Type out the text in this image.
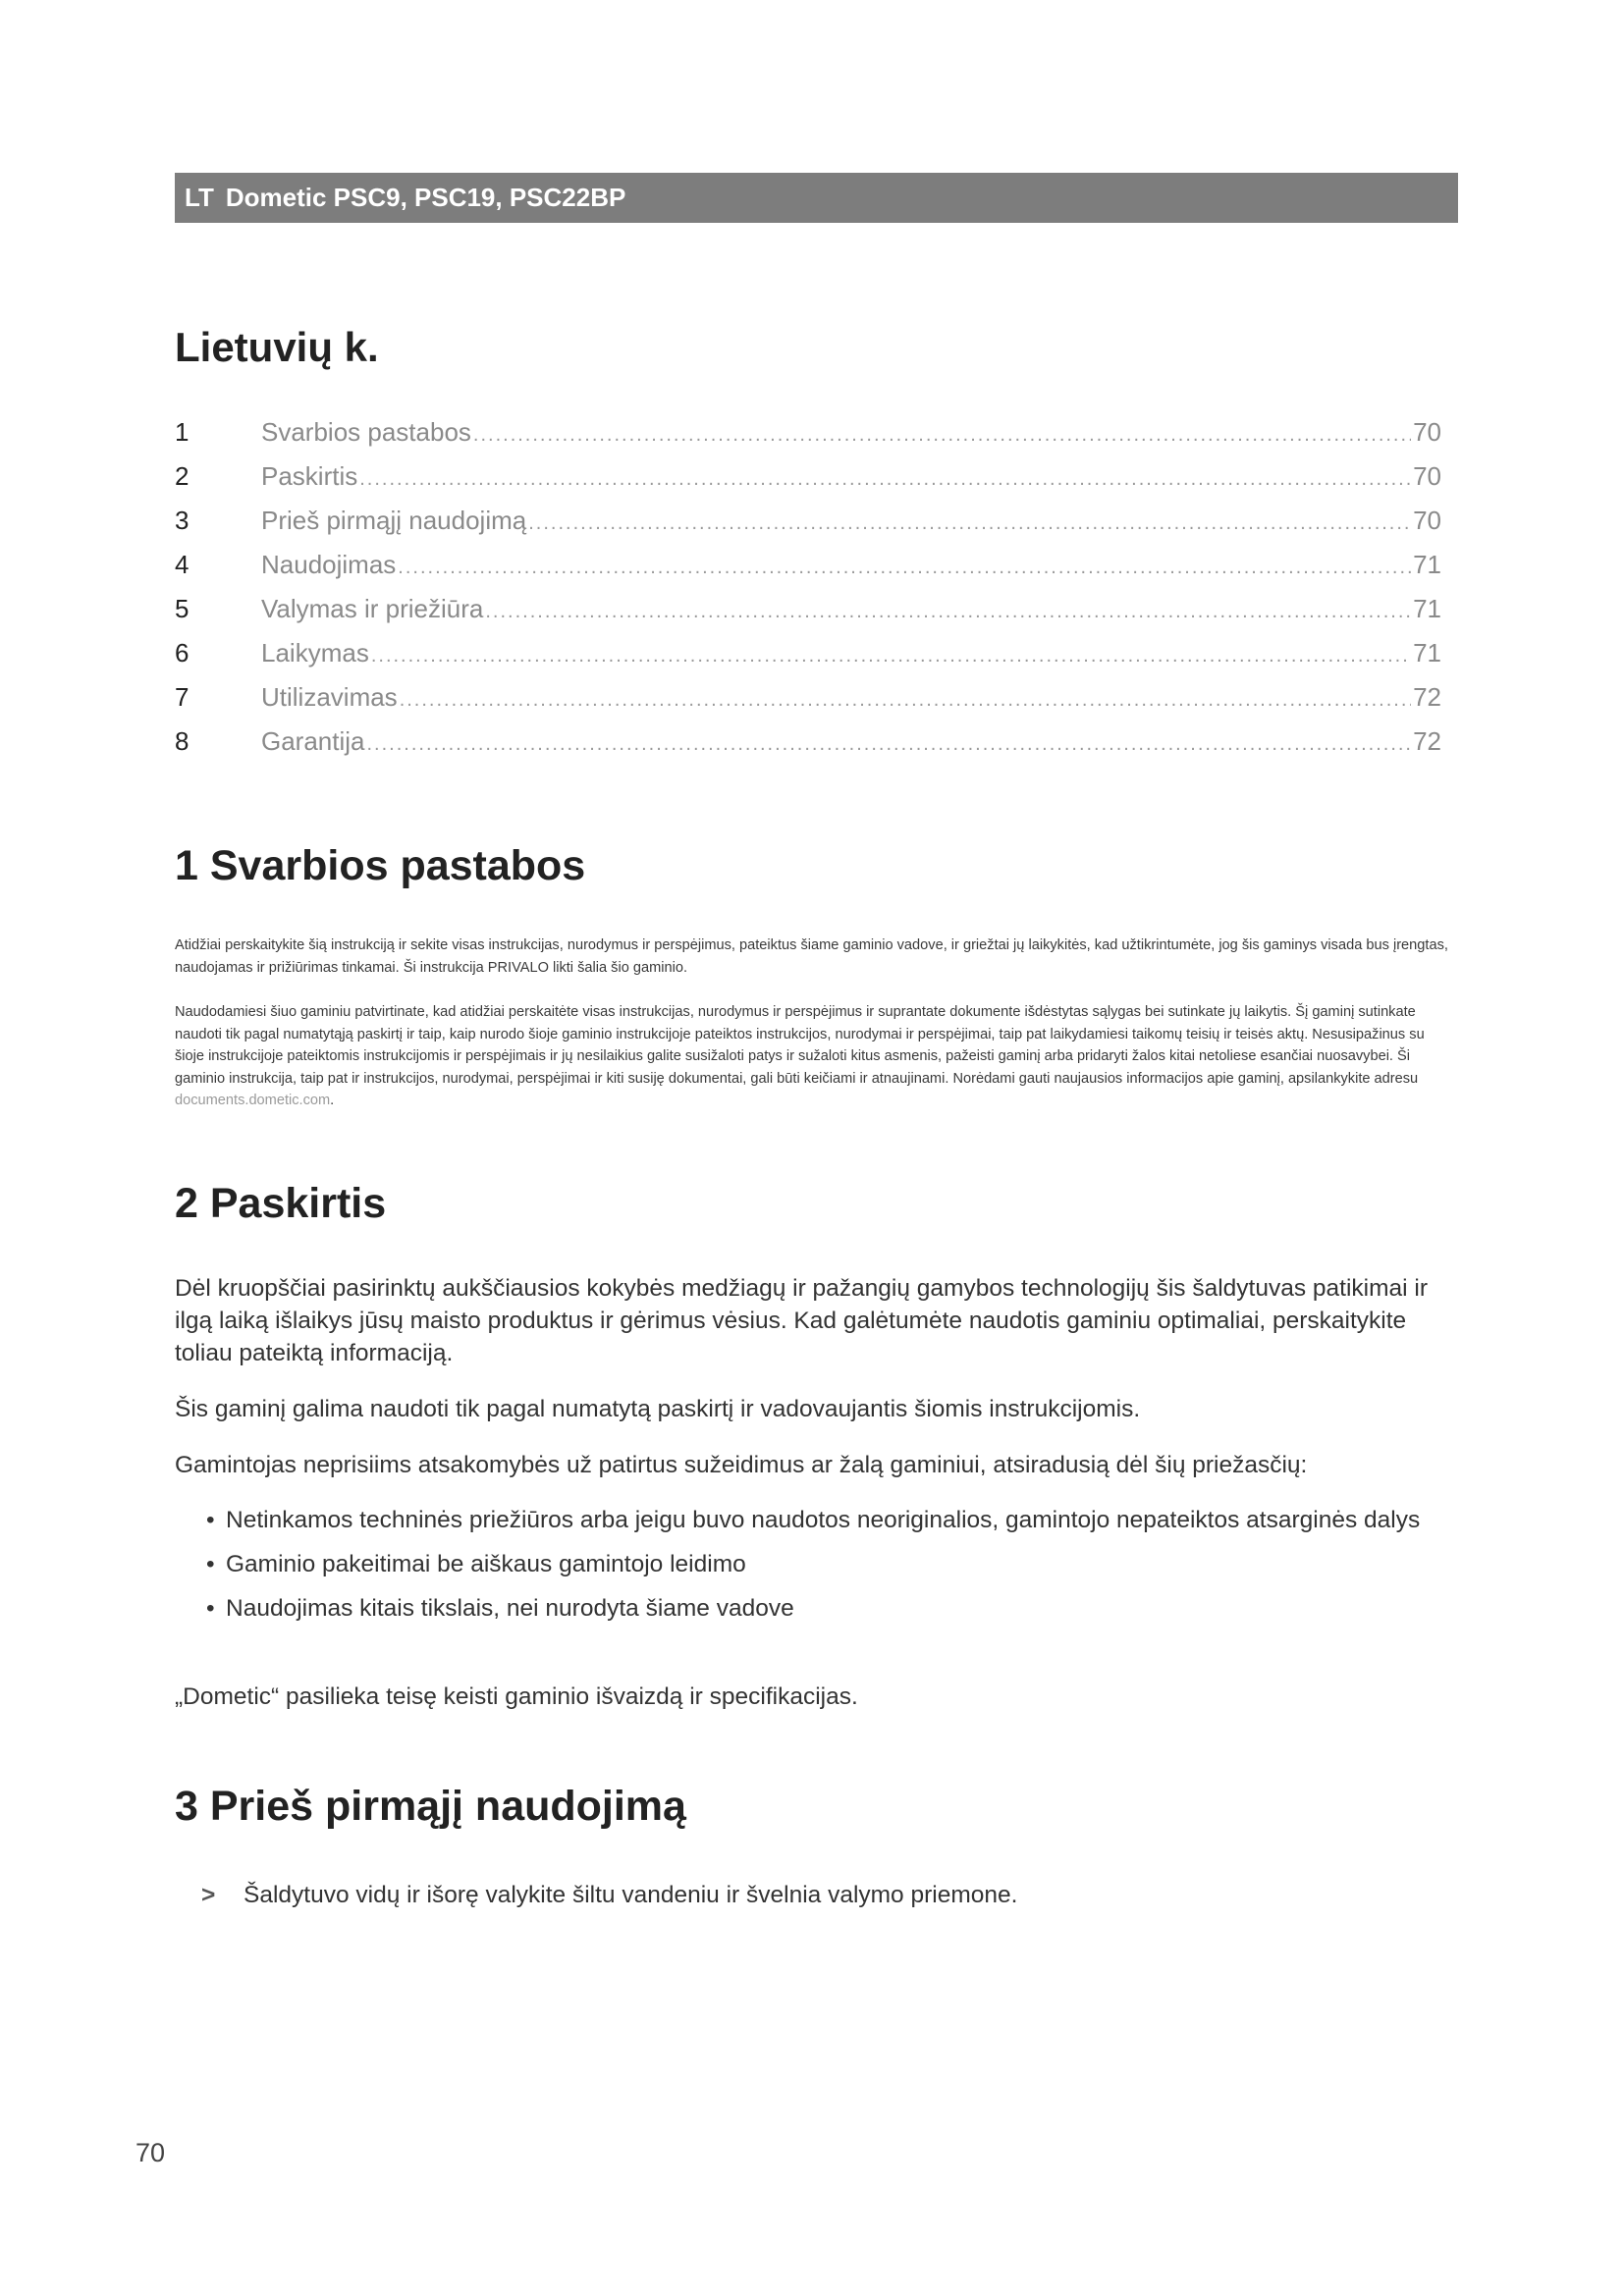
LT Dometic PSC9, PSC19, PSC22BP
Lietuvių k.
1	Svarbios pastabos .....	70
2	Paskirtis .....	70
3	Prieš pirmąjį naudojimą .....	70
4	Naudojimas .....	71
5	Valymas ir priežiūra .....	71
6	Laikymas .....	71
7	Utilizavimas .....	72
8	Garantija .....	72
1 Svarbios pastabos

Atidžiai perskaitykite šią instrukciją ir sekite visas instrukcijas, nurodymus ir perspėjimus, pateiktus šiame gaminio vadove, ir griežtai jų laikykitės, kad užtikrintumėte, jog šis gaminys visada bus įrengtas, naudojamas ir prižiūrimas tinkamai. Ši instrukcija PRIVALO likti šalia šio gaminio.

Naudodamiesi šiuo gaminiu patvirtinate, kad atidžiai perskaitėte visas instrukcijas, nurodymus ir perspėjimus ir suprantate dokumente išdėstytas sąlygas bei sutinkate jų laikytis. Šį gaminį sutinkate naudoti tik pagal numatytąją paskirtį ir taip, kaip nurodo šioje gaminio instrukcijoje pateiktos instrukcijos, nurodymai ir perspėjimai, taip pat laikydamiesi taikomų teisių ir teisės aktų. Nesusipažinus su šioje instrukcijoje pateiktomis instrukcijomis ir perspėjimais ir jų nesilaikius galite susižaloti patys ir sužaloti kitus asmenis, pažeisti gaminį arba pridaryti žalos kitai netoliese esančiai nuosavybei. Ši gaminio instrukcija, taip pat ir instrukcijos, nurodymai, perspėjimai ir kiti susiję dokumentai, gali būti keičiami ir atnaujinami. Norėdami gauti naujausios informacijos apie gaminį, apsilankykite adresu documents.dometic.com.

2 Paskirtis

Dėl kruopščiai pasirinktų aukščiausios kokybės medžiagų ir pažangių gamybos technologijų šis šaldytuvas patikimai ir ilgą laiką išlaikys jūsų maisto produktus ir gėrimus vėsius. Kad galėtumėte naudotis gaminiu optimaliai, perskaitykite toliau pateiktą informaciją.

Šis gaminį galima naudoti tik pagal numatytą paskirtį ir vadovaujantis šiomis instrukcijomis.

Gamintojas neprisiims atsakomybės už patirtus sužeidimus ar žalą gaminiui, atsiradusią dėl šių priežasčių:

• Netinkamos techninės priežiūros arba jeigu buvo naudotos neoriginalios, gamintojo nepateiktos atsarginės dalys
• Gaminio pakeitimai be aiškaus gamintojo leidimo
• Naudojimas kitais tikslais, nei nurodyta šiame vadove

„Dometic“ pasilieka teisę keisti gaminio išvaizdą ir specifikacijas.

3 Prieš pirmąjį naudojimą
>	Šaldytuvo vidų ir išorę valykite šiltu vandeniu ir švelnia valymo priemone.
70
